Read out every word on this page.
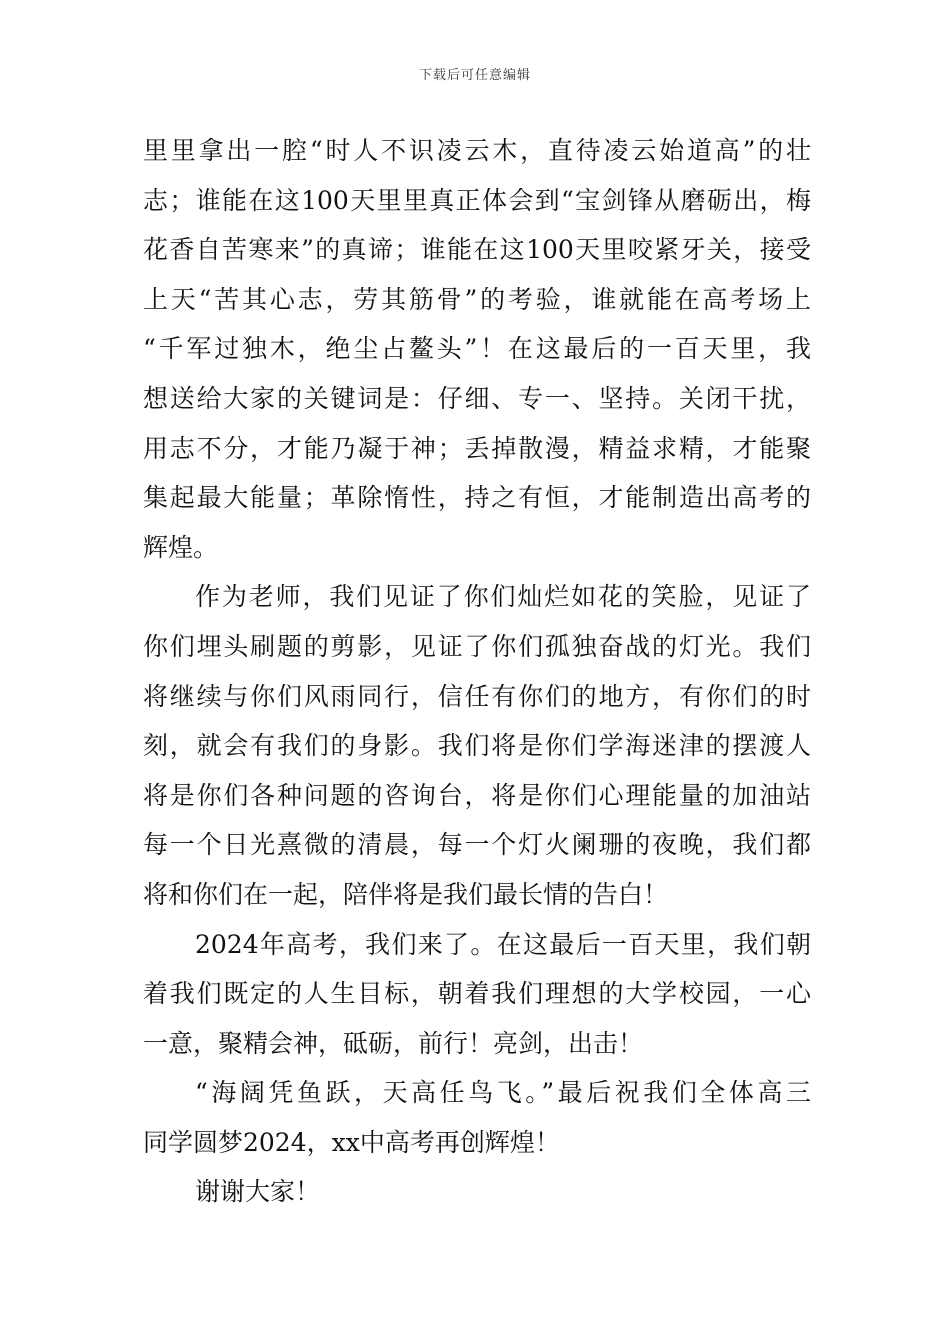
下载后可任意编辑
里里拿出一腔“时人不识凌云木，直待凌云始道高”的壮
志；谁能在这100天里里真正体会到“宝剑锋从磨砺出，梅
花香自苦寒来”的真谛；谁能在这100天里咬紧牙关，接受
上天“苦其心志，劳其筋骨”的考验，谁就能在高考场上
“千军过独木，绝尘占鳌头”！在这最后的一百天里，我
想送给大家的关键词是：仔细、专一、坚持。关闭干扰，
用志不分，才能乃凝于神；丢掉散漫，精益求精，才能聚
集起最大能量；革除惰性，持之有恒，才能制造出高考的
辉煌。
作为老师，我们见证了你们灿烂如花的笑脸，见证了
你们埋头刷题的剪影，见证了你们孤独奋战的灯光。我们
将继续与你们风雨同行，信任有你们的地方，有你们的时
刻，就会有我们的身影。我们将是你们学海迷津的摆渡人
将是你们各种问题的咨询台，将是你们心理能量的加油站
每一个日光熹微的清晨，每一个灯火阑珊的夜晚，我们都
将和你们在一起，陪伴将是我们最长情的告白！
2024年高考，我们来了。在这最后一百天里，我们朝
着我们既定的人生目标，朝着我们理想的大学校园，一心
一意，聚精会神，砥砺，前行！亮剑，出击！
“海阔凭鱼跃，天高任鸟飞。”最后祝我们全体高三
同学圆梦2024，xx中高考再创辉煌！
谢谢大家！
